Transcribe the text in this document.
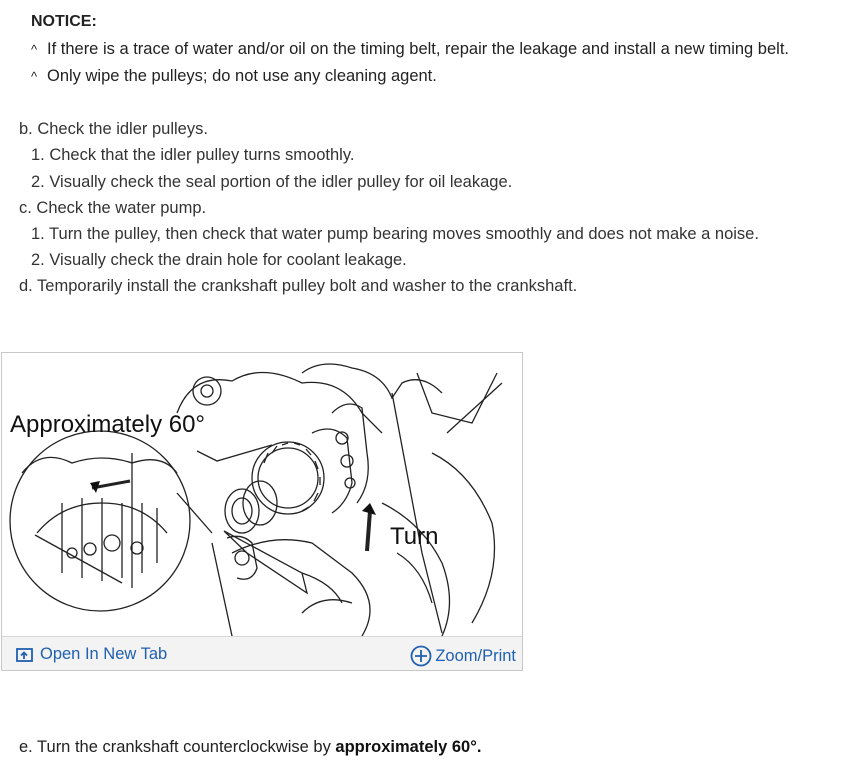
NOTICE:
^ If there is a trace of water and/or oil on the timing belt, repair the leakage and install a new timing belt.
^ Only wipe the pulleys; do not use any cleaning agent.
b. Check the idler pulleys.
1. Check that the idler pulley turns smoothly.
2. Visually check the seal portion of the idler pulley for oil leakage.
c. Check the water pump.
1. Turn the pulley, then check that water pump bearing moves smoothly and does not make a noise.
2. Visually check the drain hole for coolant leakage.
d. Temporarily install the crankshaft pulley bolt and washer to the crankshaft.
Approximately 60°
Turn
Open In New Tab	Zoom/Print
e. Turn the crankshaft counterclockwise by approximately 60°.
